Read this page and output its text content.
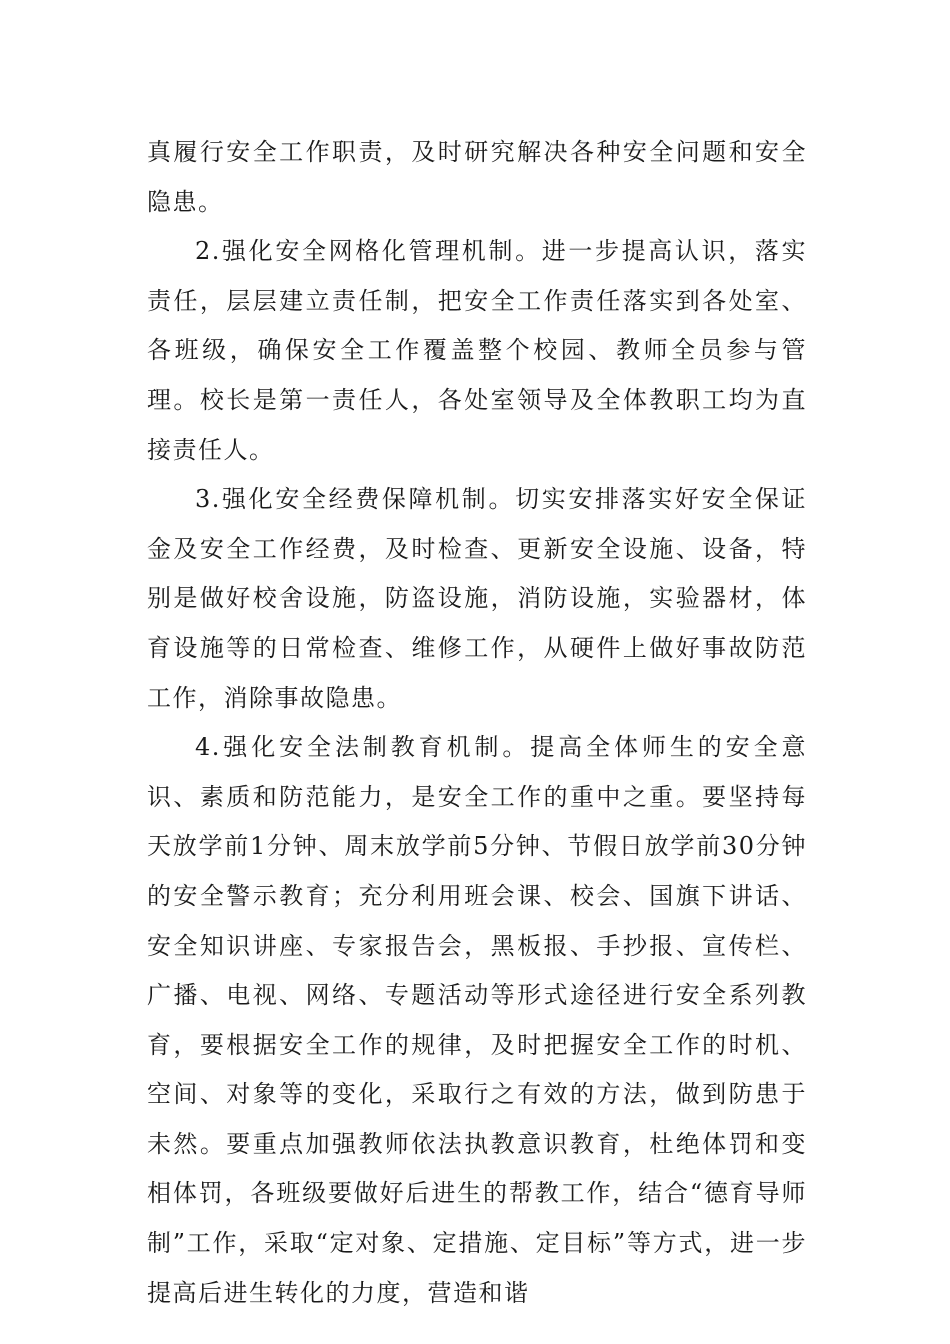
真履行安全工作职责，及时研究解决各种安全问题和安全隐患。

2.强化安全网格化管理机制。进一步提高认识，落实责任，层层建立责任制，把安全工作责任落实到各处室、各班级，确保安全工作覆盖整个校园、教师全员参与管理。校长是第一责任人，各处室领导及全体教职工均为直接责任人。

3.强化安全经费保障机制。切实安排落实好安全保证金及安全工作经费，及时检查、更新安全设施、设备，特别是做好校舍设施，防盗设施，消防设施，实验器材，体育设施等的日常检查、维修工作，从硬件上做好事故防范工作，消除事故隐患。

4.强化安全法制教育机制。提高全体师生的安全意识、素质和防范能力，是安全工作的重中之重。要坚持每天放学前1分钟、周末放学前5分钟、节假日放学前30分钟的安全警示教育；充分利用班会课、校会、国旗下讲话、安全知识讲座、专家报告会，黑板报、手抄报、宣传栏、广播、电视、网络、专题活动等形式途径进行安全系列教育，要根据安全工作的规律，及时把握安全工作的时机、空间、对象等的变化，采取行之有效的方法，做到防患于未然。要重点加强教师依法执教意识教育，杜绝体罚和变相体罚，各班级要做好后进生的帮教工作，结合“德育导师制”工作，采取“定对象、定措施、定目标”等方式，进一步提高后进生转化的力度，营造和谐
